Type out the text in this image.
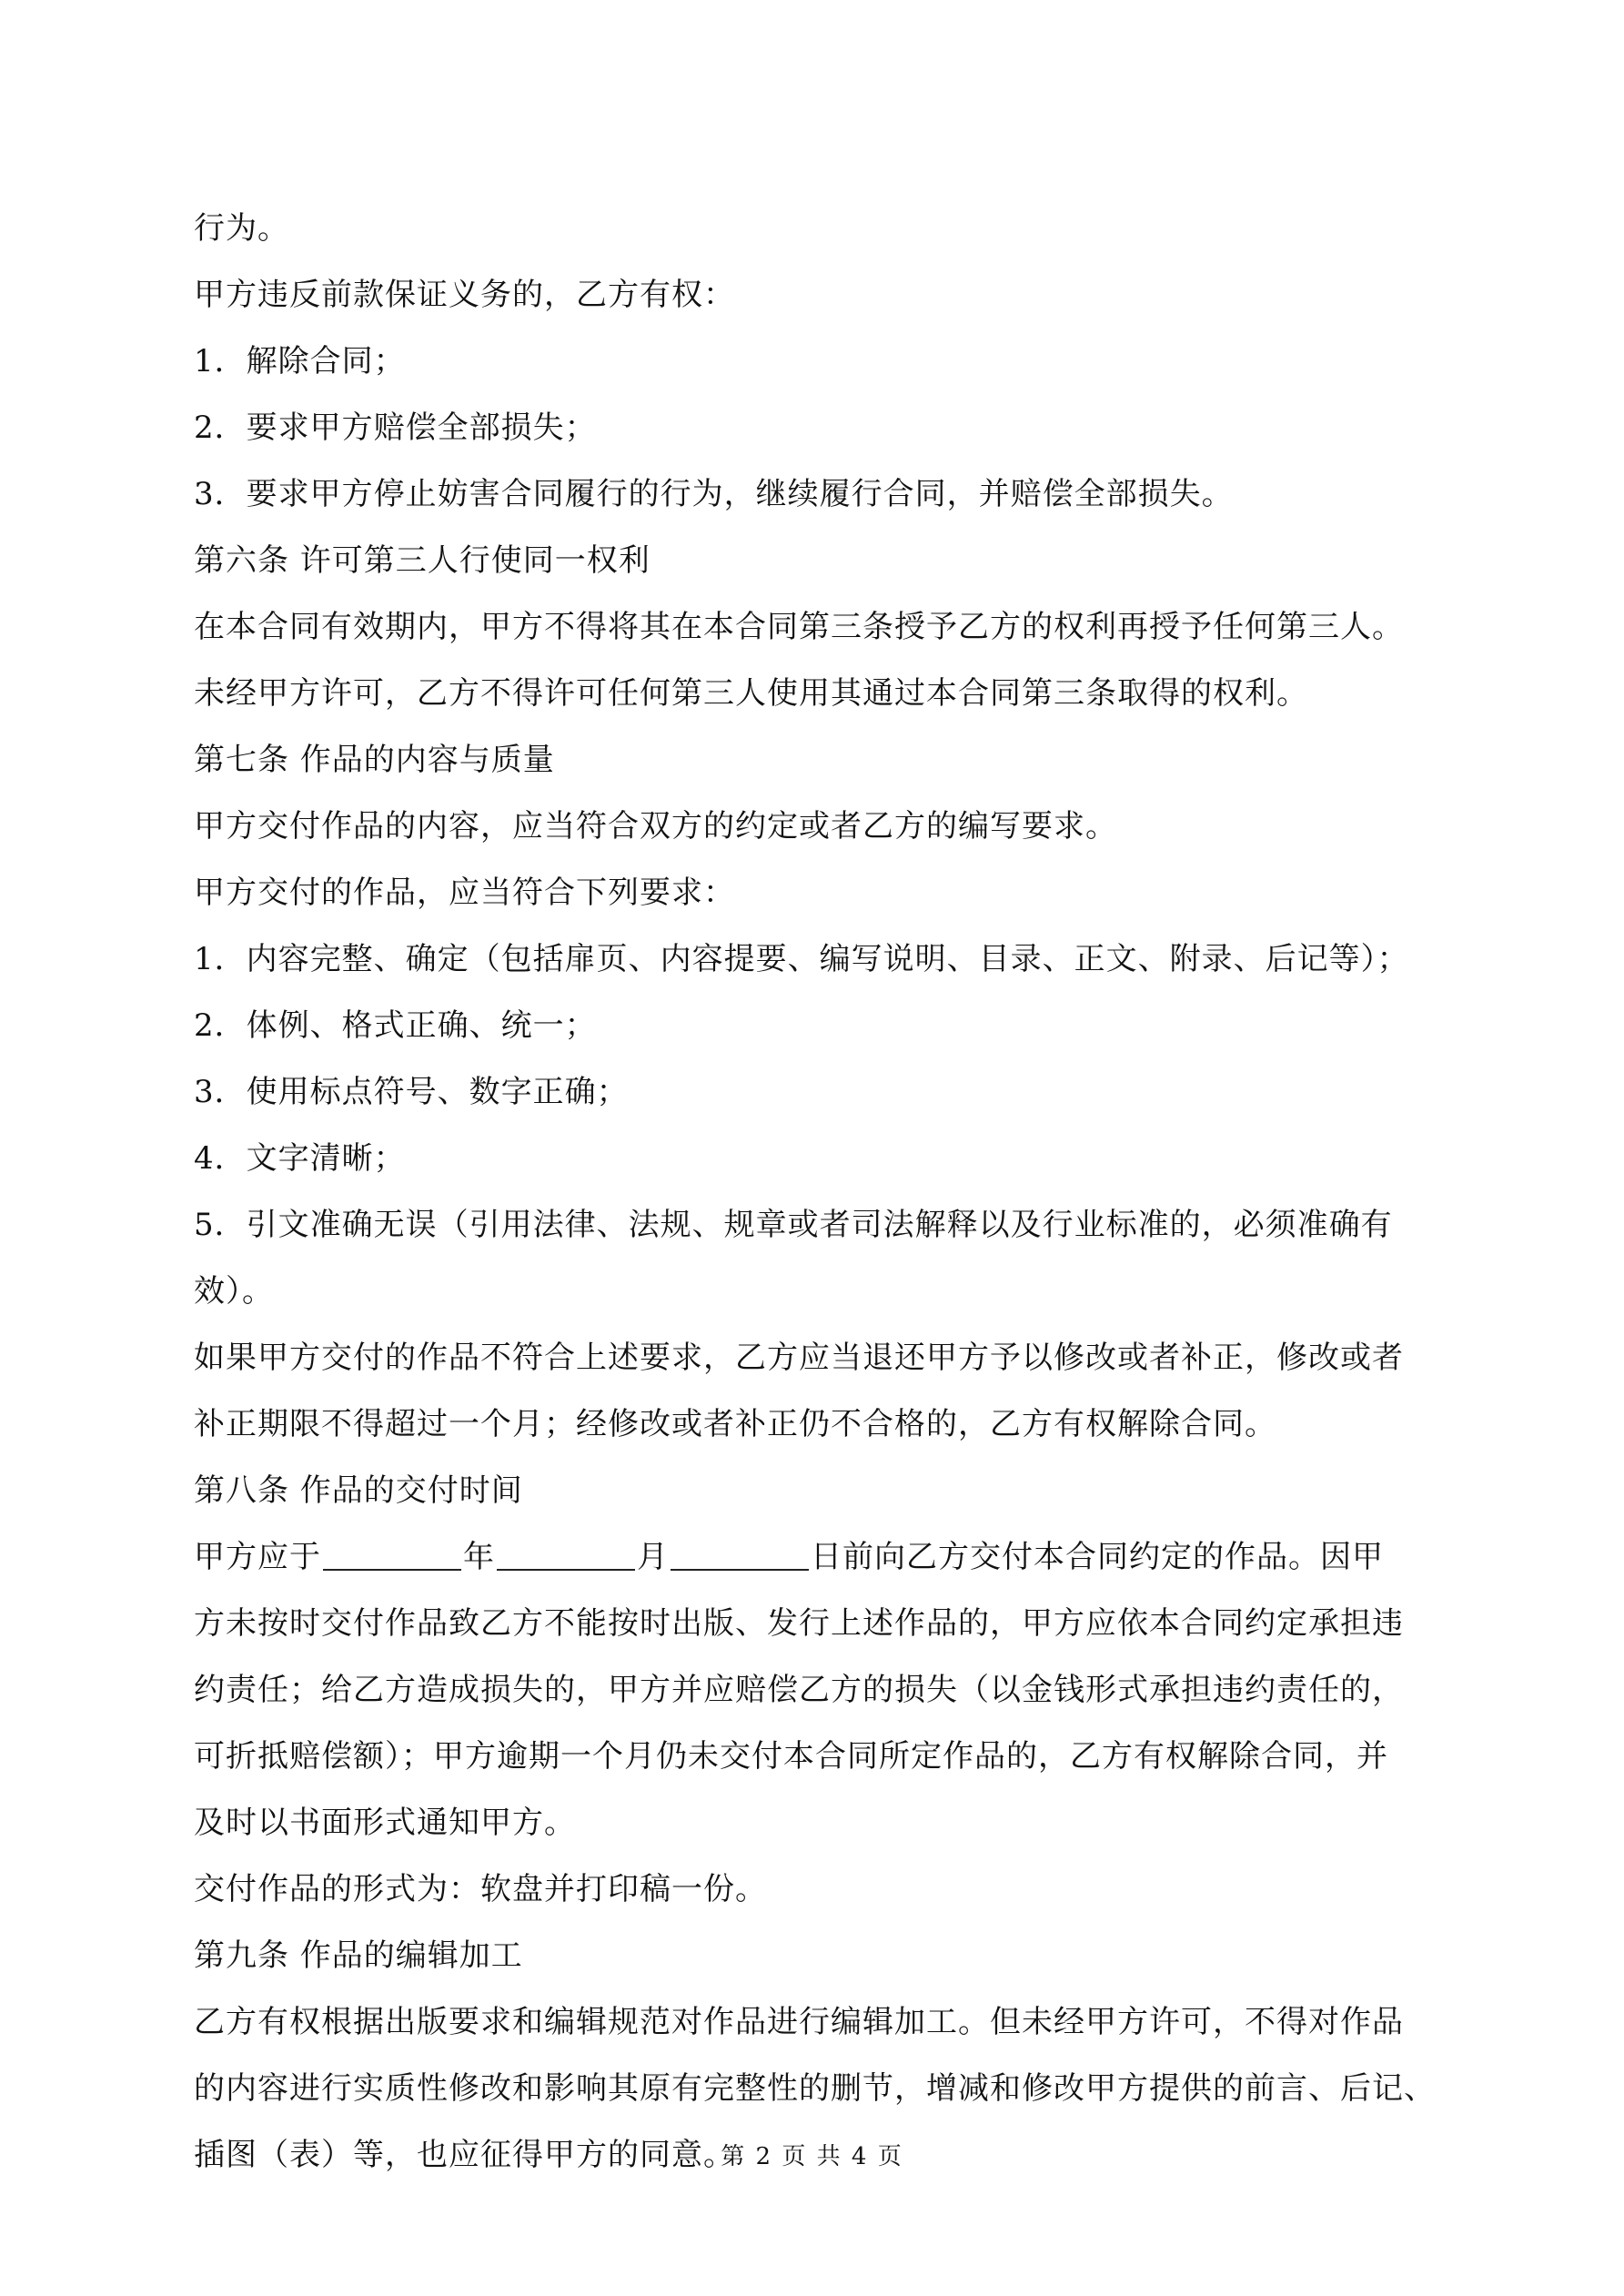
行为。
甲方违反前款保证义务的，乙方有权：
1．解除合同；
2．要求甲方赔偿全部损失；
3．要求甲方停止妨害合同履行的行为，继续履行合同，并赔偿全部损失。
第六条 许可第三人行使同一权利
在本合同有效期内，甲方不得将其在本合同第三条授予乙方的权利再授予任何第三人。
未经甲方许可，乙方不得许可任何第三人使用其通过本合同第三条取得的权利。
第七条 作品的内容与质量
甲方交付作品的内容，应当符合双方的约定或者乙方的编写要求。
甲方交付的作品，应当符合下列要求：
1．内容完整、确定（包括扉页、内容提要、编写说明、目录、正文、附录、后记等）；
2．体例、格式正确、统一；
3．使用标点符号、数字正确；
4．文字清晰；
5．引文准确无误（引用法律、法规、规章或者司法解释以及行业标准的，必须准确有
效）。
如果甲方交付的作品不符合上述要求，乙方应当退还甲方予以修改或者补正，修改或者
补正期限不得超过一个月；经修改或者补正仍不合格的，乙方有权解除合同。
第八条 作品的交付时间
甲方应于	年	月	日前向乙方交付本合同约定的作品。因甲
方未按时交付作品致乙方不能按时出版、发行上述作品的，甲方应依本合同约定承担违
约责任；给乙方造成损失的，甲方并应赔偿乙方的损失（以金钱形式承担违约责任的，
可折抵赔偿额）；甲方逾期一个月仍未交付本合同所定作品的，乙方有权解除合同，并
及时以书面形式通知甲方。
交付作品的形式为：软盘并打印稿一份。
第九条 作品的编辑加工
乙方有权根据出版要求和编辑规范对作品进行编辑加工。但未经甲方许可，不得对作品
的内容进行实质性修改和影响其原有完整性的删节，增减和修改甲方提供的前言、后记、
插图（表）等，也应征得甲方的同意。
第 2 页 共 4 页
